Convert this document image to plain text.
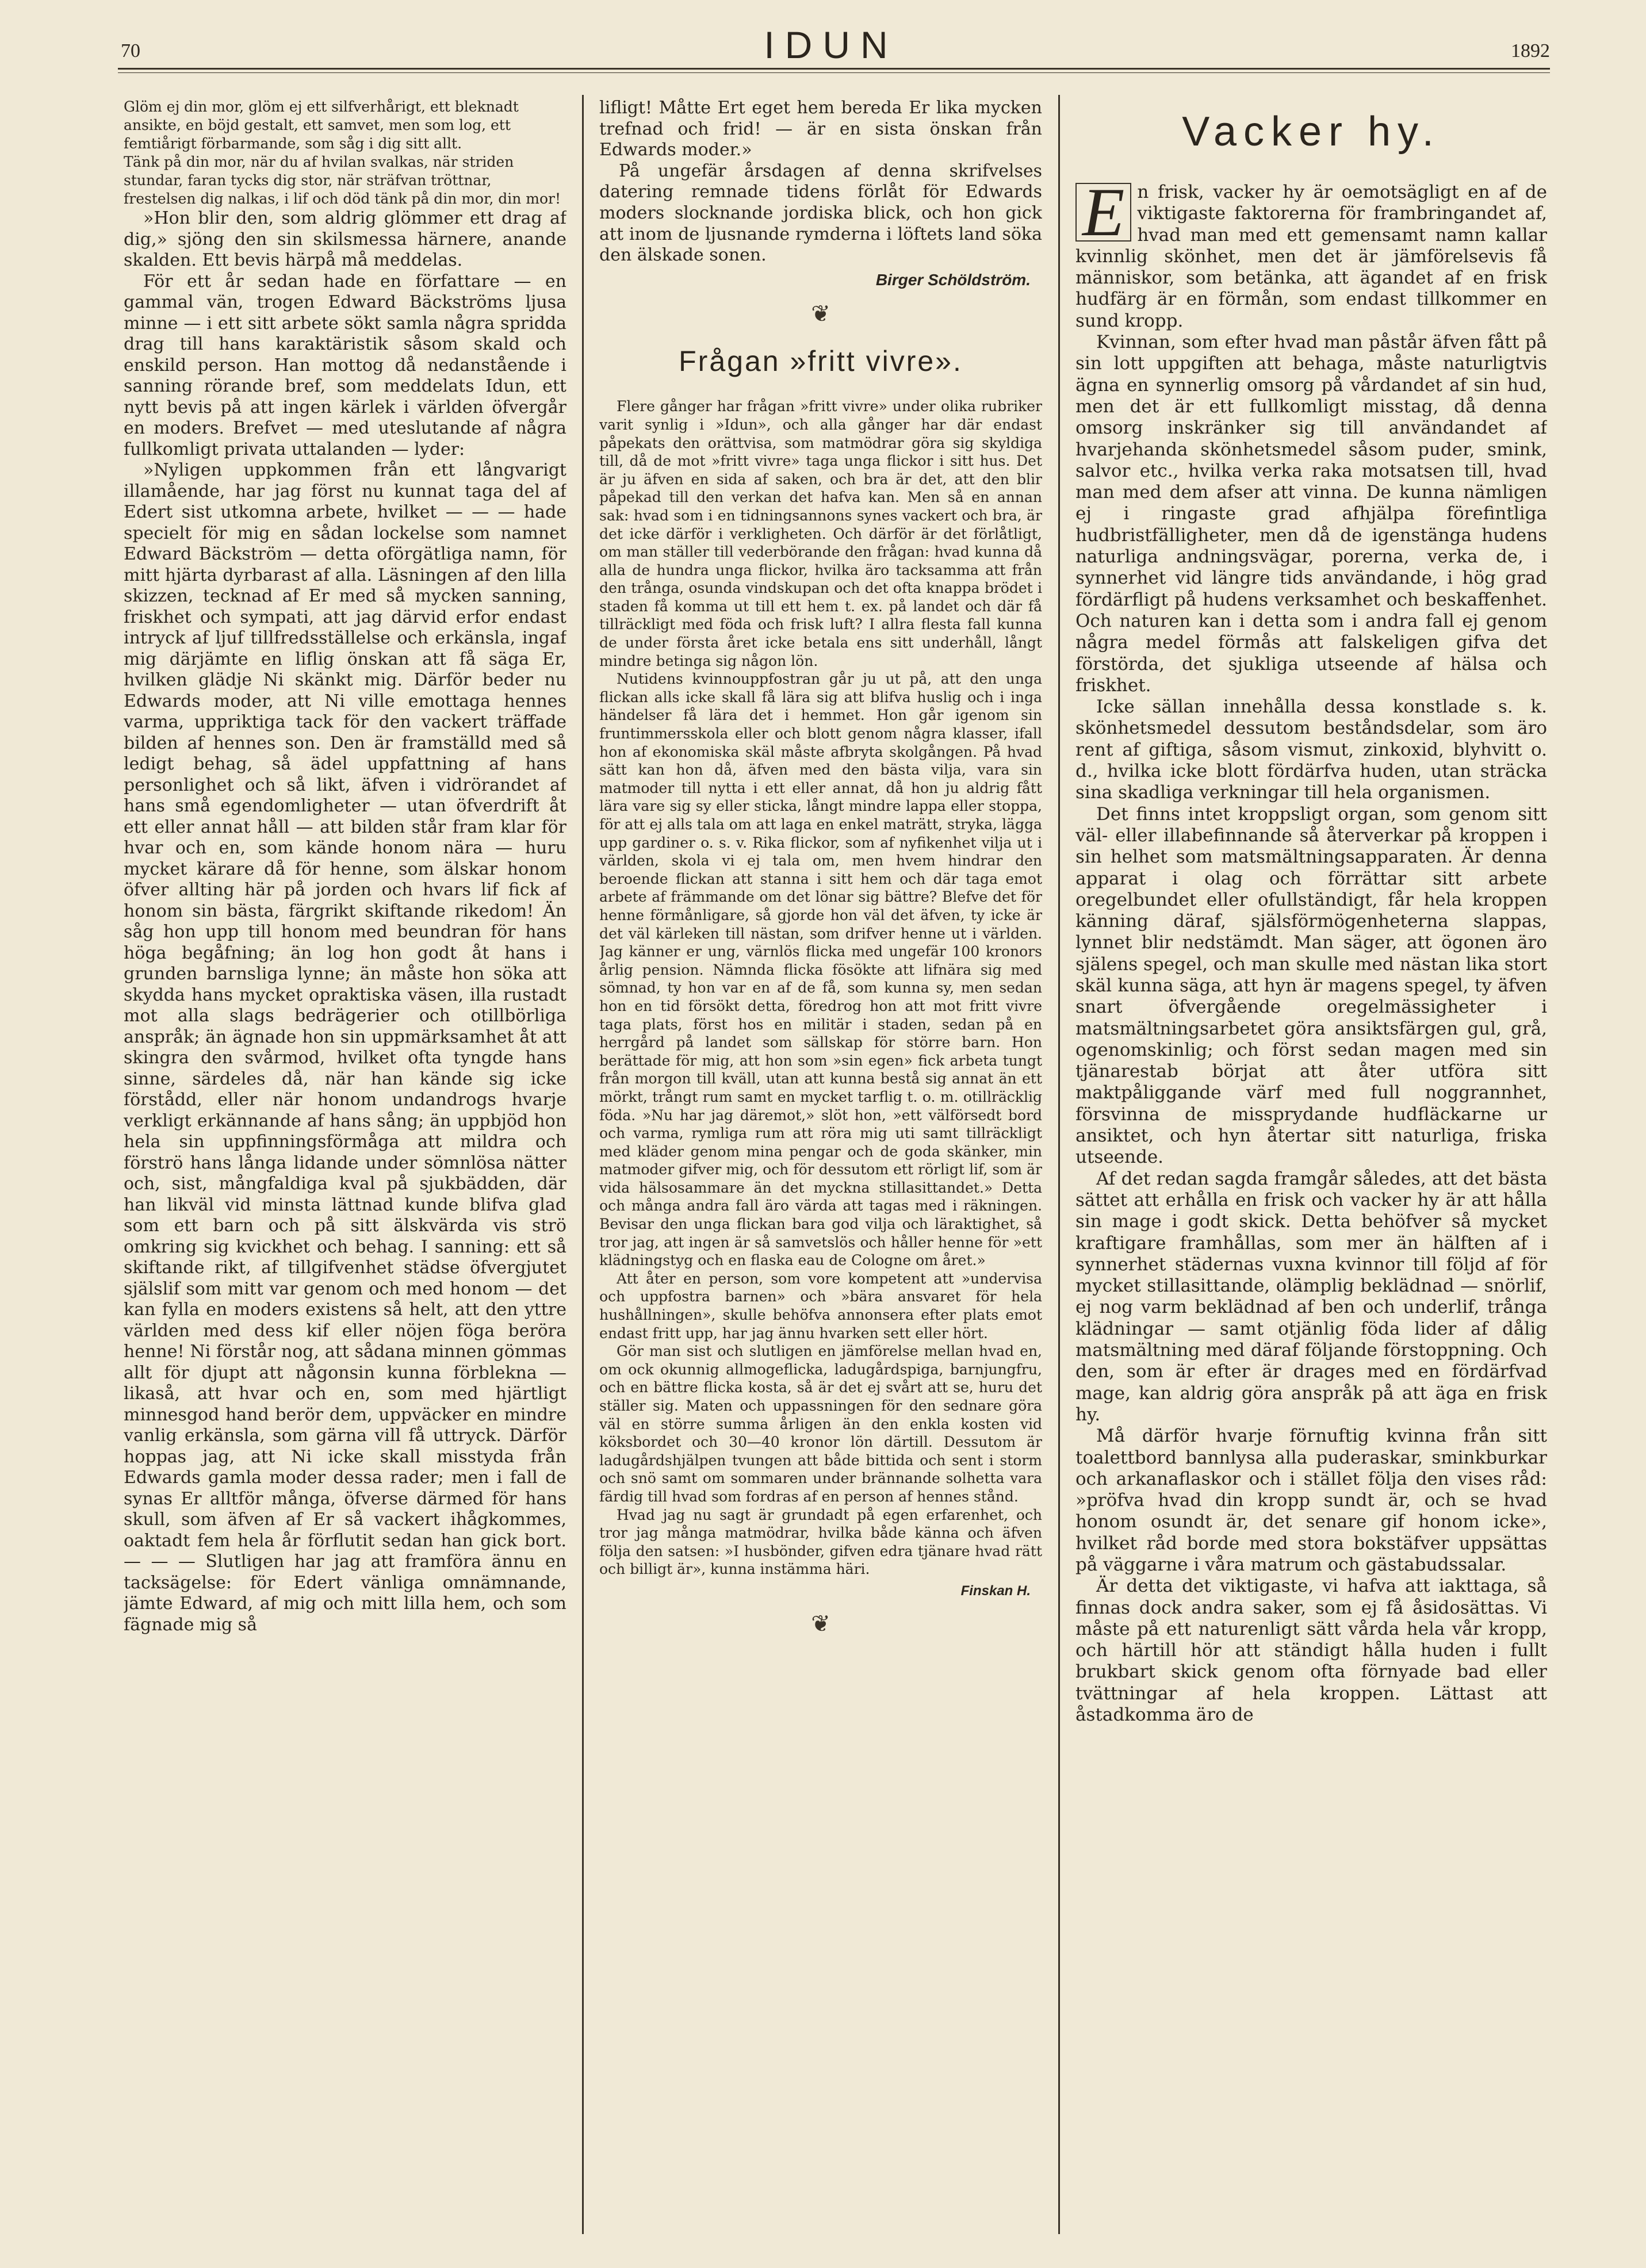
70	IDUN	1892

Glöm ej din mor, glöm ej ett silfverhårigt, ett bleknadt ansikte, en böjd gestalt, ett samvet, men som log, ett femtiårigt förbarmande, som såg i dig sitt allt.

Tänk på din mor, när du af hvilan svalkas, när striden stundar, faran tycks dig stor, när sträfvan tröttnar, frestelsen dig nalkas, i lif och död tänk på din mor, din mor!

»Hon blir den, som aldrig glömmer ett drag af dig,» sjöng den sin skilsmessa härnere, anande skalden. Ett bevis härpå må meddelas.

För ett år sedan hade en författare — en gammal vän, trogen Edward Bäckströms ljusa minne — i ett sitt arbete sökt samla några spridda drag till hans karaktäristik såsom skald och enskild person. Han mottog då nedanstående i sanning rörande bref, som meddelats Idun, ett nytt bevis på att ingen kärlek i världen öfvergår en moders. Brefvet — med uteslutande af några fullkomligt privata uttalanden — lyder:

»Nyligen uppkommen från ett långvarigt illamående, har jag först nu kunnat taga del af Edert sist utkomna arbete, hvilket — — — hade specielt för mig en sådan lockelse som namnet Edward Bäckström — detta oförgätliga namn, för mitt hjärta dyrbarast af alla. Läsningen af den lilla skizzen, tecknad af Er med så mycken sanning, friskhet och sympati, att jag därvid erfor endast intryck af ljuf tillfredsställelse och erkänsla, ingaf mig därjämte en liflig önskan att få säga Er, hvilken glädje Ni skänkt mig. Därför beder nu Edwards moder, att Ni ville emottaga hennes varma, uppriktiga tack för den vackert träffade bilden af hennes son. Den är framställd med så ledigt behag, så ädel uppfattning af hans personlighet och så likt, äfven i vidrörandet af hans små egendomligheter — utan öfverdrift åt ett eller annat håll — att bilden står fram klar för hvar och en, som kände honom nära — huru mycket kärare då för henne, som älskar honom öfver allting här på jorden och hvars lif fick af honom sin bästa, färgrikt skiftande rikedom! Än såg hon upp till honom med beundran för hans höga begåfning; än log hon godt åt hans i grunden barnsliga lynne; än måste hon söka att skydda hans mycket opraktiska väsen, illa rustadt mot alla slags bedrägerier och otillbörliga anspråk; än ägnade hon sin uppmärksamhet åt att skingra den svårmod, hvilket ofta tyngde hans sinne, särdeles då, när han kände sig icke förstådd, eller när honom undandrogs hvarje verkligt erkännande af hans sång; än uppbjöd hon hela sin uppfinningsförmåga att mildra och förströ hans långa lidande under sömnlösa nätter och, sist, mångfaldiga kval på sjukbädden, där han likväl vid minsta lättnad kunde blifva glad som ett barn och på sitt älskvärda vis strö omkring sig kvickhet och behag. I sanning: ett så skiftande rikt, af tillgifvenhet städse öfvergjutet själslif som mitt var genom och med honom — det kan fylla en moders existens så helt, att den yttre världen med dess kif eller nöjen föga beröra henne! Ni förstår nog, att sådana minnen gömmas allt för djupt att någonsin kunna förblekna — likaså, att hvar och en, som med hjärtligt minnesgod hand berör dem, uppväcker en mindre vanlig erkänsla, som gärna vill få uttryck. Därför hoppas jag, att Ni icke skall misstyda från Edwards gamla moder dessa rader; men i fall de synas Er alltför många, öfverse därmed för hans skull, som äfven af Er så vackert ihågkommes, oaktadt fem hela år förflutit sedan han gick bort. — — — Slutligen har jag att framföra ännu en tacksägelse: för Edert vänliga omnämnande, jämte Edward, af mig och mitt lilla hem, och som fägnade mig så

lifligt! Måtte Ert eget hem bereda Er lika mycken trefnad och frid! — är en sista önskan från Edwards moder.»

På ungefär årsdagen af denna skrifvelses datering remnade tidens förlåt för Edwards moders slocknande jordiska blick, och hon gick att inom de ljusnande rymderna i löftets land söka den älskade sonen.

Birger Schöldström.

❦
Frågan »fritt vivre».

Flere gånger har frågan »fritt vivre» under olika rubriker varit synlig i »Idun», och alla gånger har där endast påpekats den orättvisa, som matmödrar göra sig skyldiga till, då de mot »fritt vivre» taga unga flickor i sitt hus. Det är ju äfven en sida af saken, och bra är det, att den blir påpekad till den verkan det hafva kan. Men så en annan sak: hvad som i en tidningsannons synes vackert och bra, är det icke därför i verkligheten. Och därför är det förlåtligt, om man ställer till vederbörande den frågan: hvad kunna då alla de hundra unga flickor, hvilka äro tacksamma att från den trånga, osunda vindskupan och det ofta knappa brödet i staden få komma ut till ett hem t. ex. på landet och där få tillräckligt med föda och frisk luft? I allra flesta fall kunna de under första året icke betala ens sitt underhåll, långt mindre betinga sig någon lön.

Nutidens kvinnouppfostran går ju ut på, att den unga flickan alls icke skall få lära sig att blifva huslig och i inga händelser få lära det i hemmet. Hon går igenom sin fruntimmersskola eller och blott genom några klasser, ifall hon af ekonomiska skäl måste afbryta skolgången. På hvad sätt kan hon då, äfven med den bästa vilja, vara sin matmoder till nytta i ett eller annat, då hon ju aldrig fått lära vare sig sy eller sticka, långt mindre lappa eller stoppa, för att ej alls tala om att laga en enkel maträtt, stryka, lägga upp gardiner o. s. v. Rika flickor, som af nyfikenhet vilja ut i världen, skola vi ej tala om, men hvem hindrar den beroende flickan att stanna i sitt hem och där taga emot arbete af främmande om det lönar sig bättre? Blefve det för henne förmånligare, så gjorde hon väl det äfven, ty icke är det väl kärleken till nästan, som drifver henne ut i världen. Jag känner er ung, värnlös flicka med ungefär 100 kronors årlig pension. Nämnda flicka fösökte att lifnära sig med sömnad, ty hon var en af de få, som kunna sy, men sedan hon en tid försökt detta, föredrog hon att mot fritt vivre taga plats, först hos en militär i staden, sedan på en herrgård på landet som sällskap för större barn. Hon berättade för mig, att hon som »sin egen» fick arbeta tungt från morgon till kväll, utan att kunna bestå sig annat än ett mörkt, trångt rum samt en mycket tarflig t. o. m. otillräcklig föda. »Nu har jag däremot,» slöt hon, »ett välförsedt bord och varma, rymliga rum att röra mig uti samt tillräckligt med kläder genom mina pengar och de goda skänker, min matmoder gifver mig, och för dessutom ett rörligt lif, som är vida hälsosammare än det myckna stillasittandet.» Detta och många andra fall äro värda att tagas med i räkningen. Bevisar den unga flickan bara god vilja och läraktighet, så tror jag, att ingen är så samvetslös och håller henne för »ett klädningstyg och en flaska eau de Cologne om året.»

Att åter en person, som vore kompetent att »undervisa och uppfostra barnen» och »bära ansvaret för hela hushållningen», skulle behöfva annonsera efter plats emot endast fritt upp, har jag ännu hvarken sett eller hört.

Gör man sist och slutligen en jämförelse mellan hvad en, om ock okunnig allmogeflicka, ladugårdspiga, barnjungfru, och en bättre flicka kosta, så är det ej svårt att se, huru det ställer sig. Maten och uppassningen för den sednare göra väl en större summa årligen än den enkla kosten vid köksbordet och 30—40 kronor lön därtill. Dessutom är ladugårdshjälpen tvungen att både bittida och sent i storm och snö samt om sommaren under brännande solhetta vara färdig till hvad som fordras af en person af hennes stånd.

Hvad jag nu sagt är grundadt på egen erfarenhet, och tror jag många matmödrar, hvilka både känna och äfven följa den satsen: »I husbönder, gifven edra tjänare hvad rätt och billigt är», kunna instämma häri.

Finskan H.

❦
Vacker hy.

E n frisk, vacker hy är oemotsägligt en af de viktigaste faktorerna för frambringandet af, hvad man med ett gemensamt namn kallar kvinnlig skönhet, men det är jämförelsevis få människor, som betänka, att ägandet af en frisk hudfärg är en förmån, som endast tillkommer en sund kropp.

Kvinnan, som efter hvad man påstår äfven fått på sin lott uppgiften att behaga, måste naturligtvis ägna en synnerlig omsorg på vårdandet af sin hud, men det är ett fullkomligt misstag, då denna omsorg inskränker sig till användandet af hvarjehanda skönhetsmedel såsom puder, smink, salvor etc., hvilka verka raka motsatsen till, hvad man med dem afser att vinna. De kunna nämligen ej i ringaste grad afhjälpa förefintliga hudbristfälligheter, men då de igenstänga hudens naturliga andningsvägar, porerna, verka de, i synnerhet vid längre tids användande, i hög grad fördärfligt på hudens verksamhet och beskaffenhet. Och naturen kan i detta som i andra fall ej genom några medel förmås att falskeligen gifva det förstörda, det sjukliga utseende af hälsa och friskhet.

Icke sällan innehålla dessa konstlade s. k. skönhetsmedel dessutom beståndsdelar, som äro rent af giftiga, såsom vismut, zinkoxid, blyhvitt o. d., hvilka icke blott fördärfva huden, utan sträcka sina skadliga verkningar till hela organismen.

Det finns intet kroppsligt organ, som genom sitt väl- eller illabefinnande så återverkar på kroppen i sin helhet som matsmältningsapparaten. Är denna apparat i olag och förrättar sitt arbete oregelbundet eller ofullständigt, får hela kroppen känning däraf, själsförmögenheterna slappas, lynnet blir nedstämdt. Man säger, att ögonen äro själens spegel, och man skulle med nästan lika stort skäl kunna säga, att hyn är magens spegel, ty äfven snart öfvergående oregelmässigheter i matsmältningsarbetet göra ansiktsfärgen gul, grå, ogenomskinlig; och först sedan magen med sin tjänarestab börjat att åter utföra sitt maktpåliggande värf med full noggrannhet, försvinna de missprydande hudfläckarne ur ansiktet, och hyn återtar sitt naturliga, friska utseende.

Af det redan sagda framgår således, att det bästa sättet att erhålla en frisk och vacker hy är att hålla sin mage i godt skick. Detta behöfver så mycket kraftigare framhållas, som mer än hälften af i synnerhet städernas vuxna kvinnor till följd af för mycket stillasittande, olämplig beklädnad — snörlif, ej nog varm beklädnad af ben och underlif, trånga klädningar — samt otjänlig föda lider af dålig matsmältning med däraf följande förstoppning. Och den, som är efter är drages med en fördärfvad mage, kan aldrig göra anspråk på att äga en frisk hy.

Må därför hvarje förnuftig kvinna från sitt toalettbord bannlysa alla puderaskar, sminkburkar och arkanaflaskor och i stället följa den vises råd: »pröfva hvad din kropp sundt är, och se hvad honom osundt är, det senare gif honom icke», hvilket råd borde med stora bokstäfver uppsättas på väggarne i våra matrum och gästabudssalar.

Är detta det viktigaste, vi hafva att iakttaga, så finnas dock andra saker, som ej få åsidosättas. Vi måste på ett naturenligt sätt vårda hela vår kropp, och härtill hör att ständigt hålla huden i fullt brukbart skick genom ofta förnyade bad eller tvättningar af hela kroppen. Lättast att åstadkomma äro de
